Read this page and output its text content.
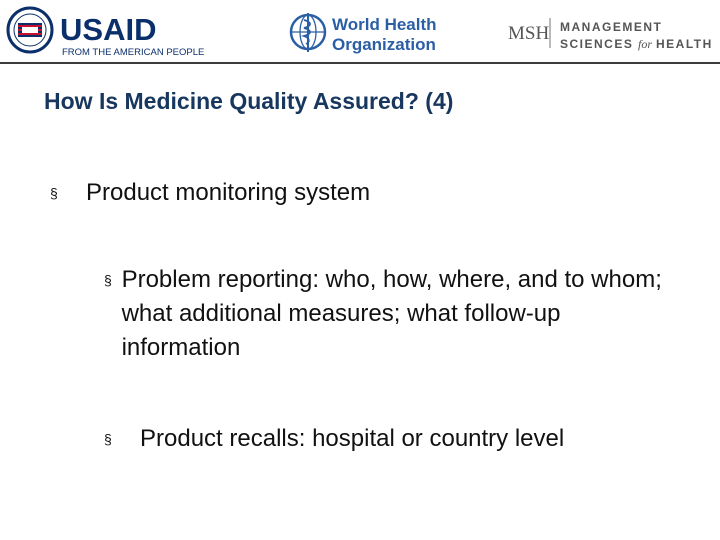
USAID
FROM THE AMERICAN PEOPLE
World Health
Organization
MSH MANAGEMENT
SCIENCES for HEALTH
How Is Medicine Quality Assured? (4)
§	Product monitoring system
§ Problem reporting: who, how, where, and to whom; what additional measures; what follow-up information
§	Product recalls: hospital or country level
